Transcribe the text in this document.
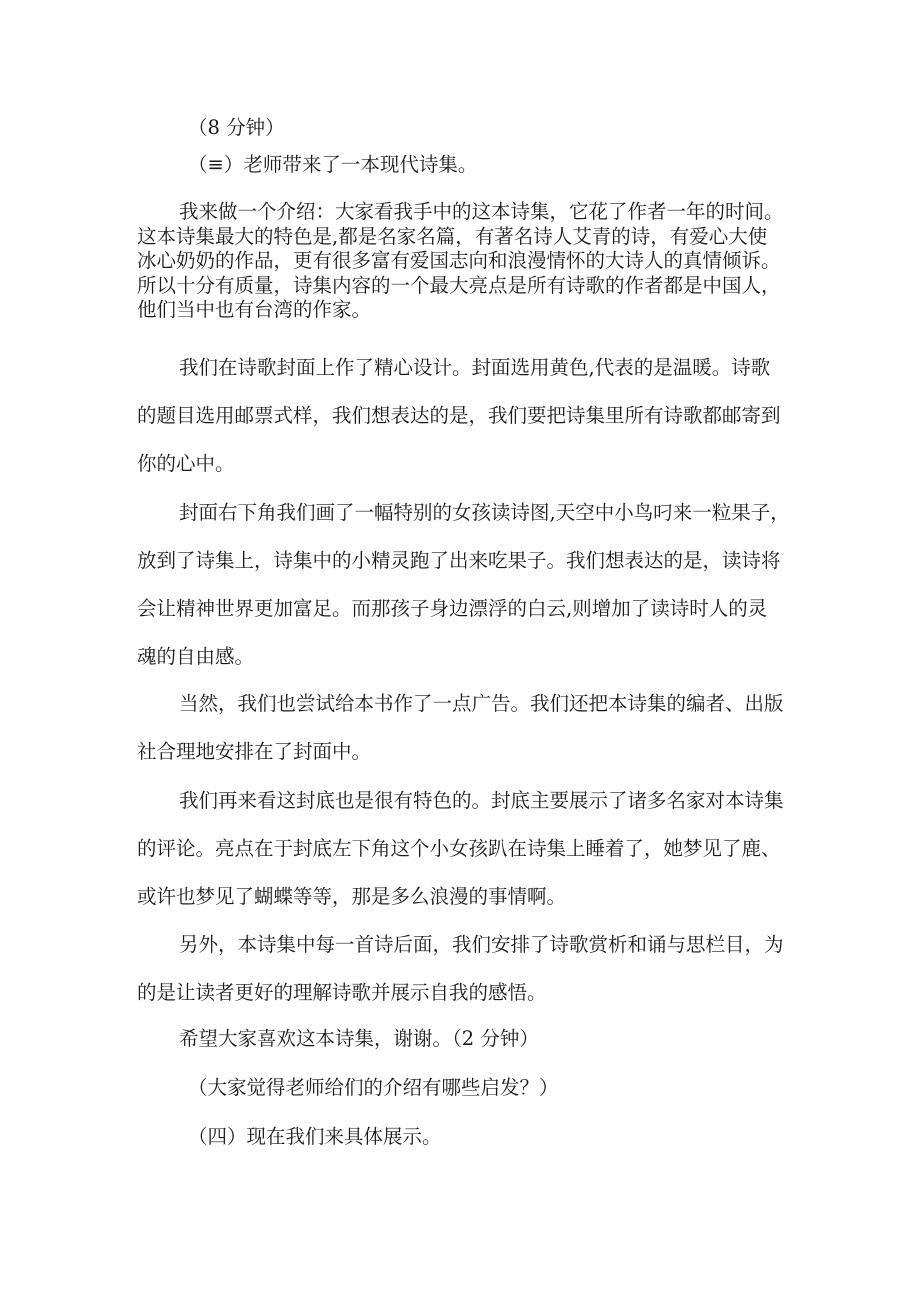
（8 分钟）

（≡）老师带来了一本现代诗集。

我来做一个介绍：大家看我手中的这本诗集，它花了作者一年的时间。
这本诗集最大的特色是,都是名家名篇，有著名诗人艾青的诗，有爱心大使
冰心奶奶的作品，更有很多富有爱国志向和浪漫情怀的大诗人的真情倾诉。
所以十分有质量，诗集内容的一个最大亮点是所有诗歌的作者都是中国人，
他们当中也有台湾的作家。

我们在诗歌封面上作了精心设计。封面选用黄色,代表的是温暖。诗歌

的题目选用邮票式样，我们想表达的是，我们要把诗集里所有诗歌都邮寄到

你的心中。

封面右下角我们画了一幅特别的女孩读诗图,天空中小鸟叼来一粒果子，

放到了诗集上，诗集中的小精灵跑了出来吃果子。我们想表达的是，读诗将

会让精神世界更加富足。而那孩子身边漂浮的白云,则增加了读诗时人的灵

魂的自由感。

当然，我们也尝试给本书作了一点广告。我们还把本诗集的编者、出版

社合理地安排在了封面中。

我们再来看这封底也是很有特色的。封底主要展示了诸多名家对本诗集

的评论。亮点在于封底左下角这个小女孩趴在诗集上睡着了，她梦见了鹿、

或许也梦见了蝴蝶等等，那是多么浪漫的事情啊。

另外，本诗集中每一首诗后面，我们安排了诗歌赏析和诵与思栏目，为

的是让读者更好的理解诗歌并展示自我的感悟。

希望大家喜欢这本诗集，谢谢。（2 分钟）

（大家觉得老师给们的介绍有哪些启发？）

（四）现在我们来具体展示。
